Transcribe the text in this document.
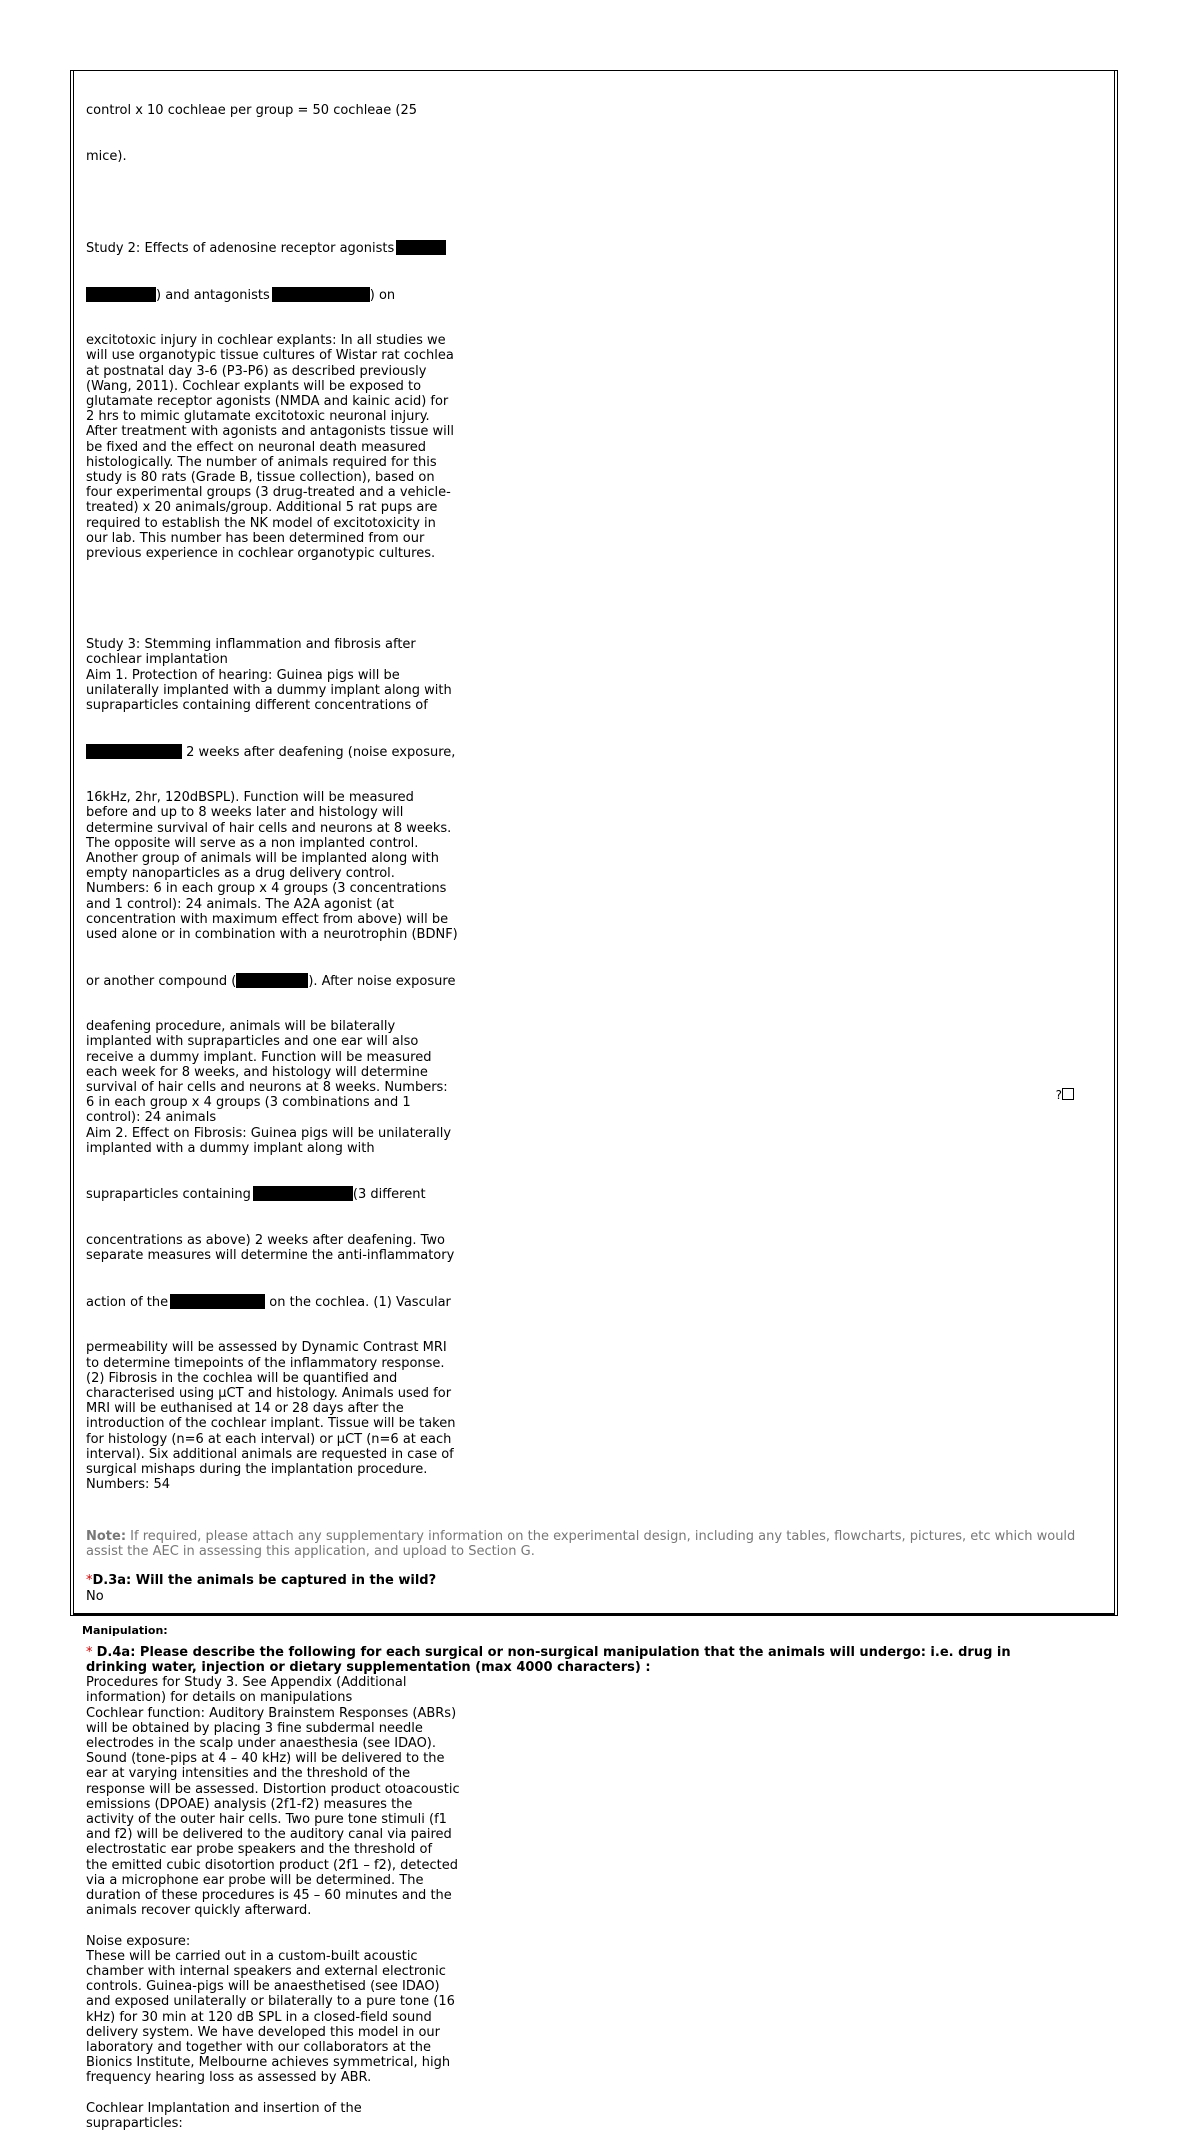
control x 10 cochleae per group = 50 cochleae (25

mice).

Study 2: Effects of adenosine receptor agonists

) and antagonists	) on

excitotoxic injury in cochlear explants: In all studies we
will use organotypic tissue cultures of Wistar rat cochlea
at postnatal day 3-6 (P3-P6) as described previously
(Wang, 2011). Cochlear explants will be exposed to
glutamate receptor agonists (NMDA and kainic acid) for
2 hrs to mimic glutamate excitotoxic neuronal injury.
After treatment with agonists and antagonists tissue will
be fixed and the effect on neuronal death measured
histologically. The number of animals required for this
study is 80 rats (Grade B, tissue collection), based on
four experimental groups (3 drug-treated and a vehicle-
treated) x 20 animals/group. Additional 5 rat pups are
required to establish the NK model of excitotoxicity in
our lab. This number has been determined from our
previous experience in cochlear organotypic cultures.

Study 3: Stemming inflammation and fibrosis after
cochlear implantation
Aim 1. Protection of hearing: Guinea pigs will be
unilaterally implanted with a dummy implant along with
supraparticles containing different concentrations of

2 weeks after deafening (noise exposure,

16kHz, 2hr, 120dBSPL). Function will be measured
before and up to 8 weeks later and histology will
determine survival of hair cells and neurons at 8 weeks.
The opposite will serve as a non implanted control.
Another group of animals will be implanted along with
empty nanoparticles as a drug delivery control.
Numbers: 6 in each group x 4 groups (3 concentrations
and 1 control): 24 animals. The A2A agonist (at
concentration with maximum effect from above) will be
used alone or in combination with a neurotrophin (BDNF)

or another compound (	). After noise exposure

deafening procedure, animals will be bilaterally
implanted with supraparticles and one ear will also
receive a dummy implant. Function will be measured
each week for 8 weeks, and histology will determine
survival of hair cells and neurons at 8 weeks. Numbers:
6 in each group x 4 groups (3 combinations and 1
control): 24 animals
Aim 2. Effect on Fibrosis: Guinea pigs will be unilaterally
implanted with a dummy implant along with

supraparticles containing	(3 different

concentrations as above) 2 weeks after deafening. Two
separate measures will determine the anti-inflammatory

action of the	on the cochlea. (1) Vascular

permeability will be assessed by Dynamic Contrast MRI
to determine timepoints of the inflammatory response.
(2) Fibrosis in the cochlea will be quantified and
characterised using µCT and histology. Animals used for
MRI will be euthanised at 14 or 28 days after the
introduction of the cochlear implant. Tissue will be taken
for histology (n=6 at each interval) or µCT (n=6 at each
interval). Six additional animals are requested in case of
surgical mishaps during the implantation procedure.
Numbers: 54

Note: If required, please attach any supplementary information on the experimental design, including any tables, flowcharts, pictures, etc which would assist the AEC in assessing this application, and upload to Section G.
*D.3a: Will the animals be captured in the wild?
No
Manipulation:
* D.4a: Please describe the following for each surgical or non-surgical manipulation that the animals will undergo: i.e. drug in drinking water, injection or dietary supplementation (max 4000 characters) :
?
Procedures for Study 3. See Appendix (Additional
information) for details on manipulations
Cochlear function: Auditory Brainstem Responses (ABRs)
will be obtained by placing 3 fine subdermal needle
electrodes in the scalp under anaesthesia (see IDAO).
Sound (tone-pips at 4 – 40 kHz) will be delivered to the
ear at varying intensities and the threshold of the
response will be assessed. Distortion product otoacoustic
emissions (DPOAE) analysis (2f1-f2) measures the
activity of the outer hair cells. Two pure tone stimuli (f1
and f2) will be delivered to the auditory canal via paired
electrostatic ear probe speakers and the threshold of
the emitted cubic disotortion product (2f1 – f2), detected
via a microphone ear probe will be determined. The
duration of these procedures is 45 – 60 minutes and the
animals recover quickly afterward.

Noise exposure:
These will be carried out in a custom-built acoustic
chamber with internal speakers and external electronic
controls. Guinea-pigs will be anaesthetised (see IDAO)
and exposed unilaterally or bilaterally to a pure tone (16
kHz) for 30 min at 120 dB SPL in a closed-field sound
delivery system. We have developed this model in our
laboratory and together with our collaborators at the
Bionics Institute, Melbourne achieves symmetrical, high
frequency hearing loss as assessed by ABR.

Cochlear Implantation and insertion of the
supraparticles:
